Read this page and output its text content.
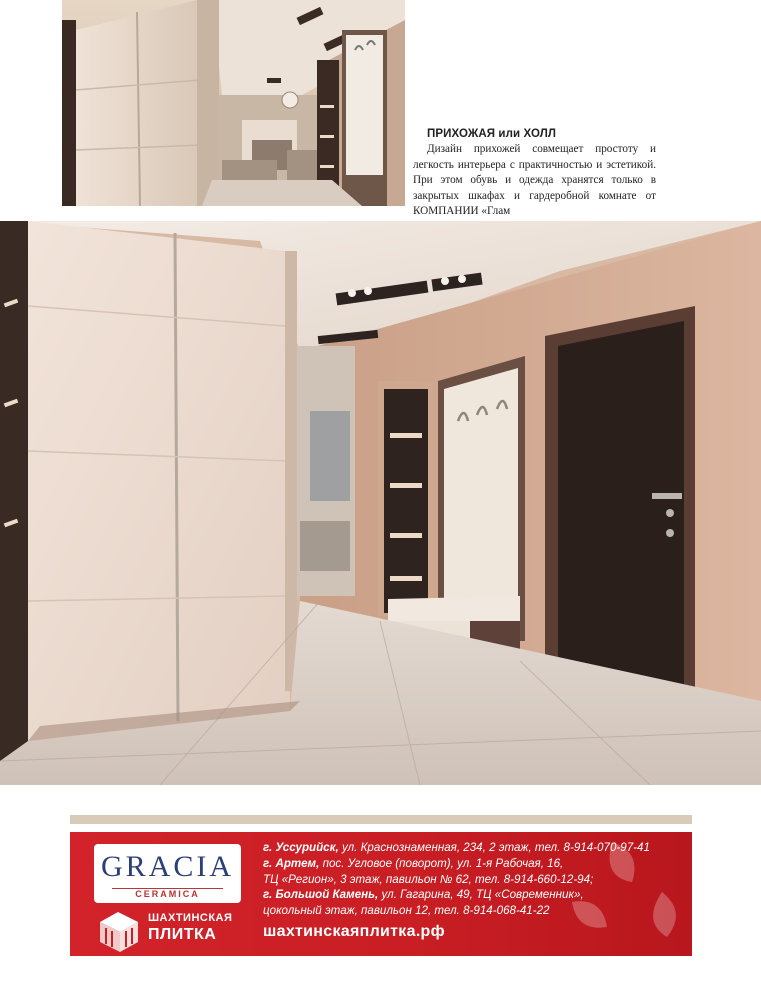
ПРИХОЖАЯ или ХОЛЛ

Дизайн прихожей совмещает простоту и легкость интерьера с практичностью и эстетикой. При этом обувь и одежда хранятся только в закрытых шкафах и гардеробной комнате от КОМПАНИИ «Глам

GRACIA
CERAMICA
ШАХТИНСКАЯ
ПЛИТКА
г. Уссурийск, ул. Краснознаменная, 234, 2 этаж, тел. 8-914-070-97-41
г. Артем, пос. Угловое (поворот), ул. 1-я Рабочая, 16,
ТЦ «Регион», 3 этаж, павильон № 62, тел. 8-914-660-12-94;
г. Большой Камень, ул. Гагарина, 49, ТЦ «Современник»,
цокольный этаж, павильон 12, тел. 8-914-068-41-22
шахтинскаяплитка.рф
